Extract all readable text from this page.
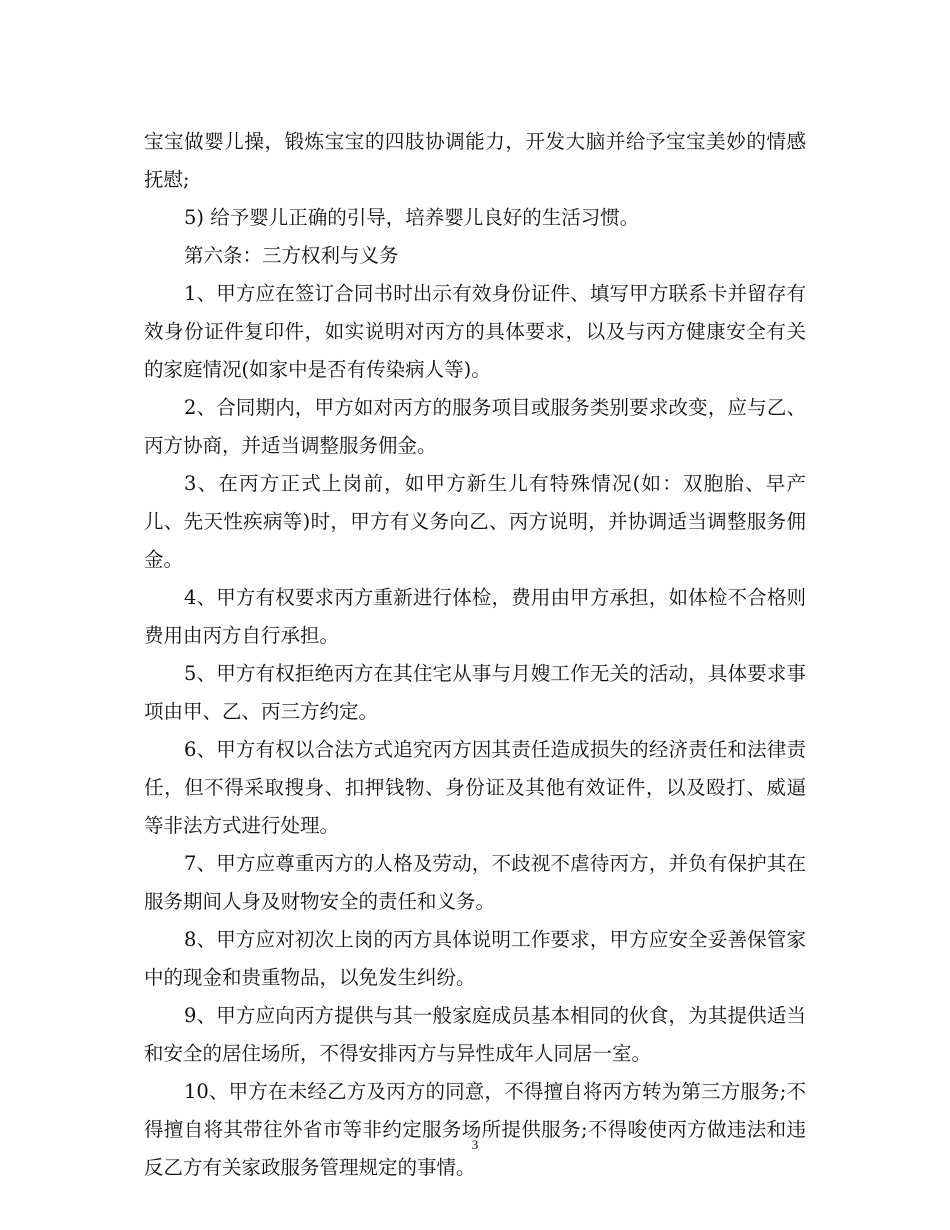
宝宝做婴儿操，锻炼宝宝的四肢协调能力，开发大脑并给予宝宝美妙的情感抚慰;

5) 给予婴儿正确的引导，培养婴儿良好的生活习惯。

第六条：三方权利与义务

1、甲方应在签订合同书时出示有效身份证件、填写甲方联系卡并留存有效身份证件复印件，如实说明对丙方的具体要求，以及与丙方健康安全有关的家庭情况(如家中是否有传染病人等)。

2、合同期内，甲方如对丙方的服务项目或服务类别要求改变，应与乙、丙方协商，并适当调整服务佣金。

3、在丙方正式上岗前，如甲方新生儿有特殊情况(如：双胞胎、早产儿、先天性疾病等)时，甲方有义务向乙、丙方说明，并协调适当调整服务佣金。

4、甲方有权要求丙方重新进行体检，费用由甲方承担，如体检不合格则费用由丙方自行承担。

5、甲方有权拒绝丙方在其住宅从事与月嫂工作无关的活动，具体要求事项由甲、乙、丙三方约定。

6、甲方有权以合法方式追究丙方因其责任造成损失的经济责任和法律责任，但不得采取搜身、扣押钱物、身份证及其他有效证件，以及殴打、威逼等非法方式进行处理。

7、甲方应尊重丙方的人格及劳动，不歧视不虐待丙方，并负有保护其在服务期间人身及财物安全的责任和义务。

8、甲方应对初次上岗的丙方具体说明工作要求，甲方应安全妥善保管家中的现金和贵重物品，以免发生纠纷。

9、甲方应向丙方提供与其一般家庭成员基本相同的伙食，为其提供适当和安全的居住场所，不得安排丙方与异性成年人同居一室。

10、甲方在未经乙方及丙方的同意，不得擅自将丙方转为第三方服务;不得擅自将其带往外省市等非约定服务场所提供服务;不得唆使丙方做违法和违反乙方有关家政服务管理规定的事情。

3
